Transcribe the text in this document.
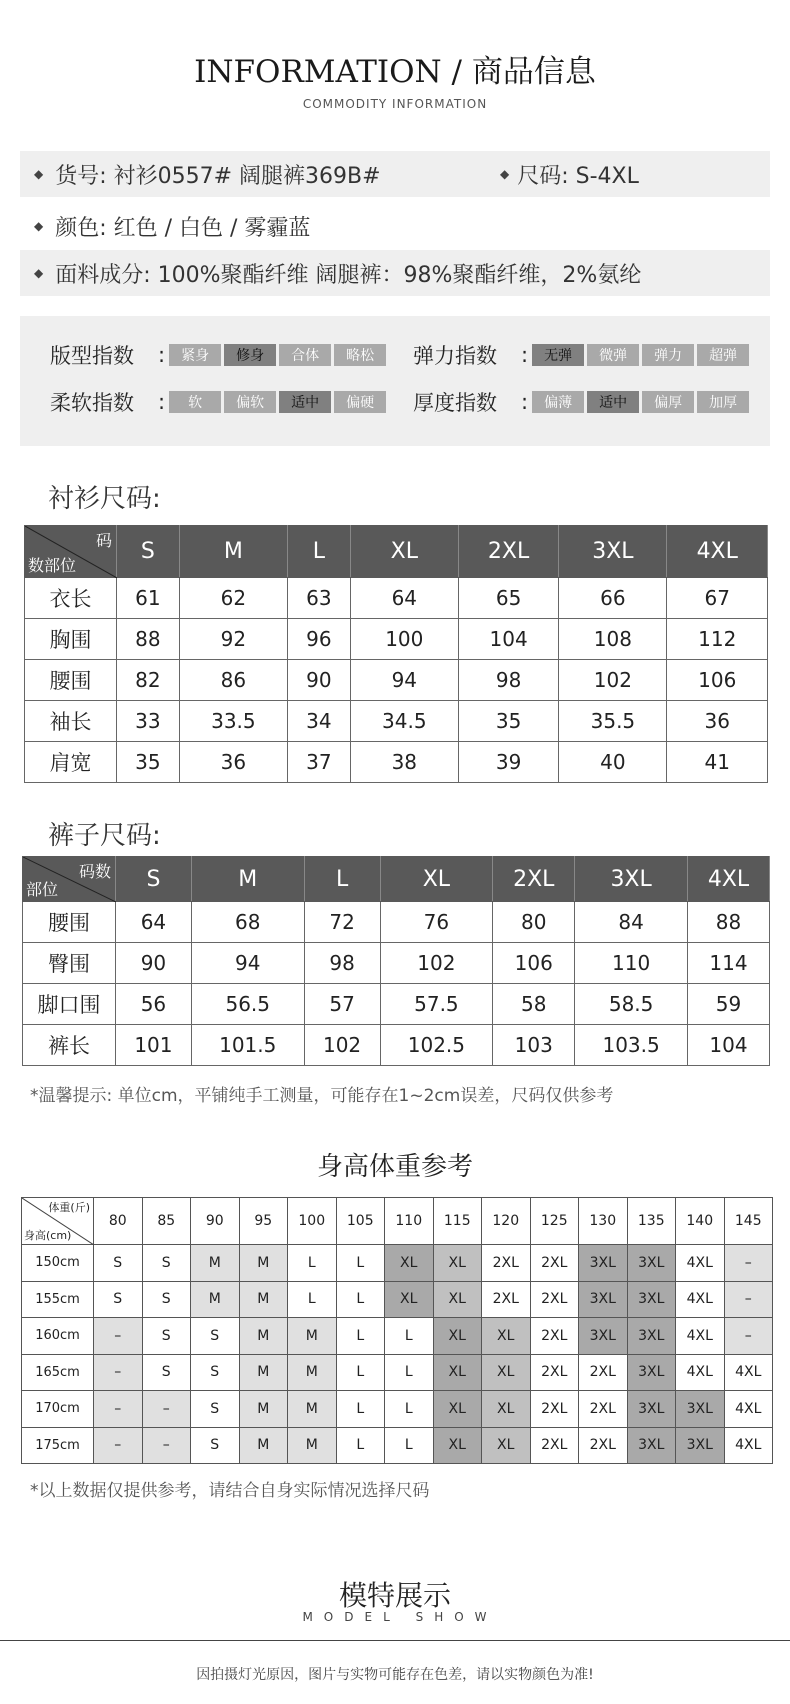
INFORMATION / 商品信息
COMMODITY INFORMATION
◆ 货号: 衬衫0557# 阔腿裤369B#	◆ 尺码: S-4XL
◆ 颜色: 红色 / 白色 / 雾霾蓝
◆ 面料成分: 100%聚酯纤维 阔腿裤：98%聚酯纤维，2%氨纶
版型指数	:	紧身	修身	合体	略松	弹力指数	:	无弹	微弹	弹力	超弹
柔软指数	:	软	偏软	适中	偏硬	厚度指数	:	偏薄	适中	偏厚	加厚
衬衫尺码:
码
数部位	S	M	L	XL	2XL	3XL	4XL
衣长	61	62	63	64	65	66	67
胸围	88	92	96	100	104	108	112
腰围	82	86	90	94	98	102	106
袖长	33	33.5	34	34.5	35	35.5	36
肩宽	35	36	37	38	39	40	41
裤子尺码:
码数
部位	S	M	L	XL	2XL	3XL	4XL
腰围	64	68	72	76	80	84	88
臀围	90	94	98	102	106	110	114
脚口围	56	56.5	57	57.5	58	58.5	59
裤长	101	101.5	102	102.5	103	103.5	104
*温馨提示: 单位cm，平铺纯手工测量，可能存在1~2cm误差，尺码仅供参考
身高体重参考
体重(斤)
身高(cm)	80	85	90	95	100	105	110	115	120	125	130	135	140	145
150cm	S	S	M	M	L	L	XL	XL	2XL	2XL	3XL	3XL	4XL	–
155cm	S	S	M	M	L	L	XL	XL	2XL	2XL	3XL	3XL	4XL	–
160cm	–	S	S	M	M	L	L	XL	XL	2XL	3XL	3XL	4XL	–
165cm	–	S	S	M	M	L	L	XL	XL	2XL	2XL	3XL	4XL	4XL
170cm	–	–	S	M	M	L	L	XL	XL	2XL	2XL	3XL	3XL	4XL
175cm	–	–	S	M	M	L	L	XL	XL	2XL	2XL	3XL	3XL	4XL
*以上数据仅提供参考，请结合自身实际情况选择尺码
模特展示
MODEL SHOW
因拍摄灯光原因，图片与实物可能存在色差，请以实物颜色为准!
